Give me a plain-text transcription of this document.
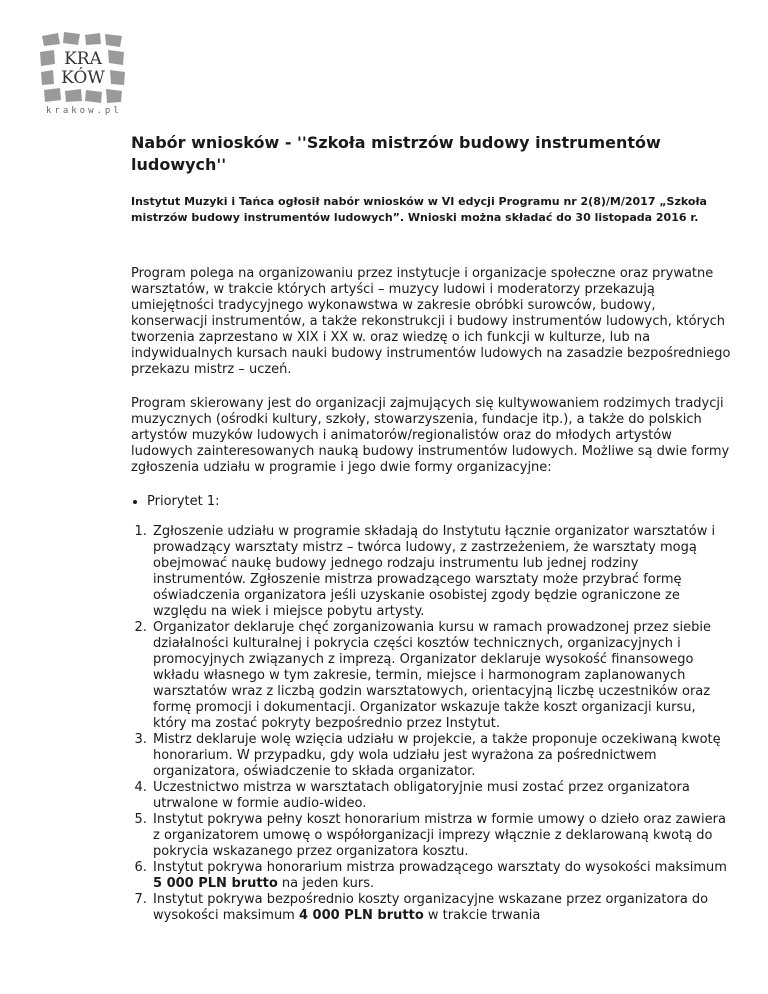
KRA
KÓW
krakow.pl
Nabór wniosków - ''Szkoła mistrzów budowy instrumentów ludowych''

Instytut Muzyki i Tańca ogłosił nabór wniosków w VI edycji Programu nr 2(8)/M/2017 „Szkoła mistrzów budowy instrumentów ludowych”. Wnioski można składać do 30 listopada 2016 r.

Program polega na organizowaniu przez instytucje i organizacje społeczne oraz prywatne warsztatów, w trakcie których artyści – muzycy ludowi i moderatorzy przekazują umiejętności tradycyjnego wykonawstwa w zakresie obróbki surowców, budowy, konserwacji instrumentów, a także rekonstrukcji i budowy instrumentów ludowych, których tworzenia zaprzestano w XIX i XX w. oraz wiedzę o ich funkcji w kulturze, lub na indywidualnych kursach nauki budowy instrumentów ludowych na zasadzie bezpośredniego przekazu mistrz – uczeń.

Program skierowany jest do organizacji zajmujących się kultywowaniem rodzimych tradycji muzycznych (ośrodki kultury, szkoły, stowarzyszenia, fundacje itp.), a także do polskich artystów muzyków ludowych i animatorów/regionalistów oraz do młodych artystów ludowych zainteresowanych nauką budowy instrumentów ludowych. Możliwe są dwie formy zgłoszenia udziału w programie i jego dwie formy organizacyjne:

• Priorytet 1:
1. Zgłoszenie udziału w programie składają do Instytutu łącznie organizator warsztatów i prowadzący warsztaty mistrz – twórca ludowy, z zastrzeżeniem, że warsztaty mogą obejmować naukę budowy jednego rodzaju instrumentu lub jednej rodziny instrumentów. Zgłoszenie mistrza prowadzącego warsztaty może przybrać formę oświadczenia organizatora jeśli uzyskanie osobistej zgody będzie ograniczone ze względu na wiek i miejsce pobytu artysty.
2. Organizator deklaruje chęć zorganizowania kursu w ramach prowadzonej przez siebie działalności kulturalnej i pokrycia części kosztów technicznych, organizacyjnych i promocyjnych związanych z imprezą. Organizator deklaruje wysokość finansowego wkładu własnego w tym zakresie, termin, miejsce i harmonogram zaplanowanych warsztatów wraz z liczbą godzin warsztatowych, orientacyjną liczbę uczestników oraz formę promocji i dokumentacji. Organizator wskazuje także koszt organizacji kursu, który ma zostać pokryty bezpośrednio przez Instytut.
3. Mistrz deklaruje wolę wzięcia udziału w projekcie, a także proponuje oczekiwaną kwotę honorarium. W przypadku, gdy wola udziału jest wyrażona za pośrednictwem organizatora, oświadczenie to składa organizator.
4. Uczestnictwo mistrza w warsztatach obligatoryjnie musi zostać przez organizatora utrwalone w formie audio-wideo.
5. Instytut pokrywa pełny koszt honorarium mistrza w formie umowy o dzieło oraz zawiera z organizatorem umowę o współorganizacji imprezy włącznie z deklarowaną kwotą do pokrycia wskazanego przez organizatora kosztu.
6. Instytut pokrywa honorarium mistrza prowadzącego warsztaty do wysokości maksimum 5 000 PLN brutto na jeden kurs.
7. Instytut pokrywa bezpośrednio koszty organizacyjne wskazane przez organizatora do wysokości maksimum 4 000 PLN brutto w trakcie trwania
